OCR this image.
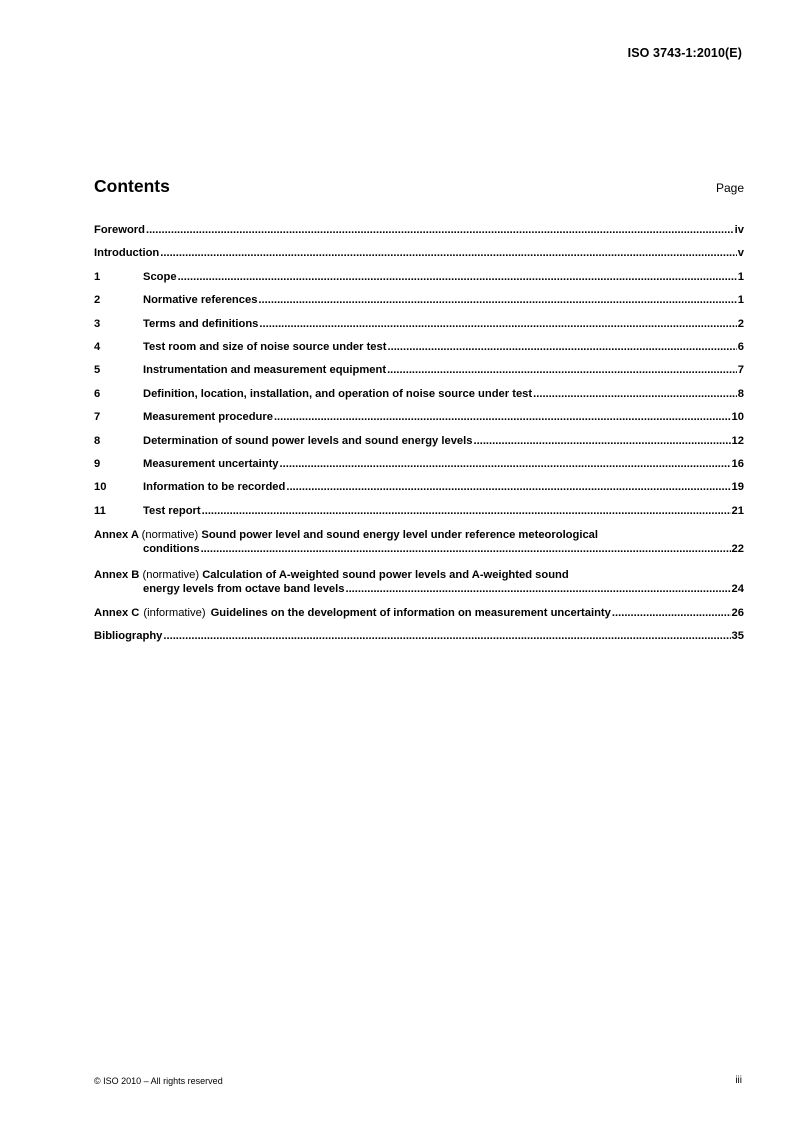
ISO 3743-1:2010(E)
Contents	Page
Foreword .....	iv
Introduction .....	v
1	Scope .....	1
2	Normative references .....	1
3	Terms and definitions .....	2
4	Test room and size of noise source under test .....	6
5	Instrumentation and measurement equipment .....	7
6	Definition, location, installation, and operation of noise source under test .....	8
7	Measurement procedure .....	10
8	Determination of sound power levels and sound energy levels .....	12
9	Measurement uncertainty .....	16
10	Information to be recorded .....	19
11	Test report .....	21
Annex A (normative) Sound power level and sound energy level under reference meteorological
conditions .....	22
Annex B (normative) Calculation of A-weighted sound power levels and A-weighted sound
energy levels from octave band levels .....	24
Annex C (informative) Guidelines on the development of information on measurement uncertainty .....	26
Bibliography .....	35
© ISO 2010 – All rights reserved	iii
